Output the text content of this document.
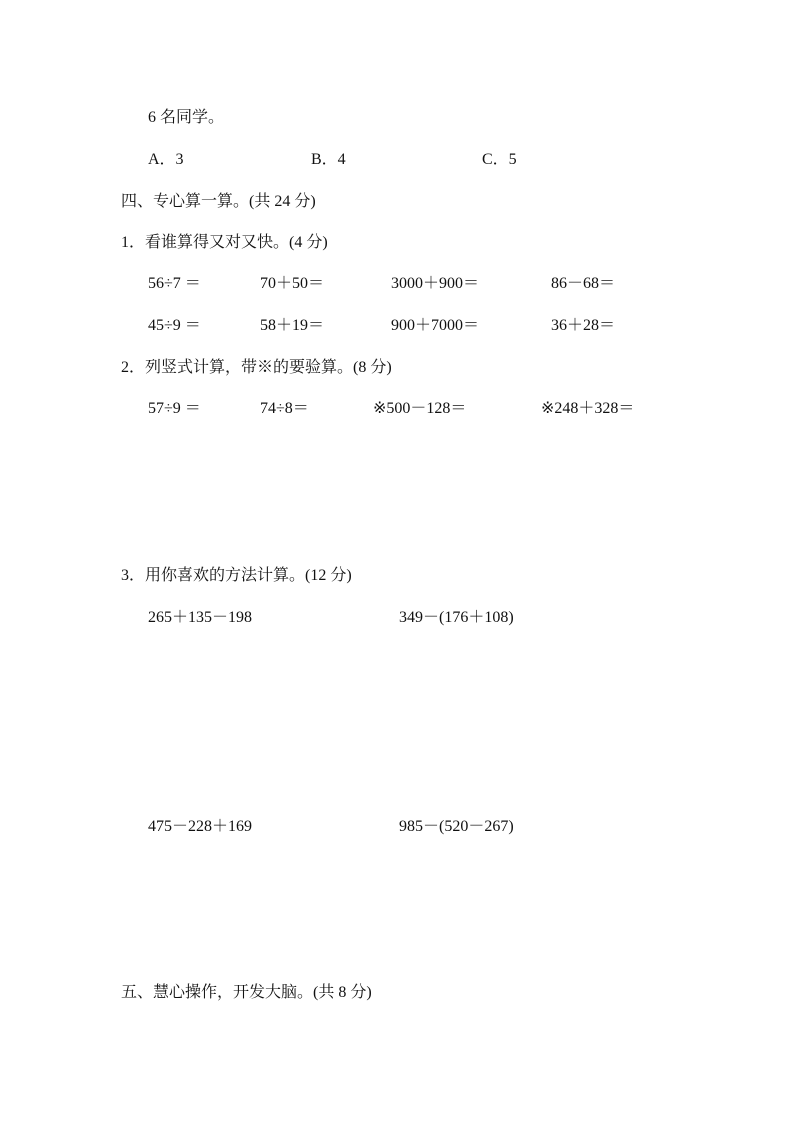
6 名同学。
A．3	B．4	C．5
四、专心算一算。(共 24 分)
1．看谁算得又对又快。(4 分)
56÷7 ＝	70＋50＝	3000＋900＝	86－68＝
45÷9 ＝	58＋19＝	900＋7000＝	36＋28＝
2．列竖式计算，带※的要验算。(8 分)
57÷9 ＝	74÷8＝	※500－128＝	※248＋328＝
3．用你喜欢的方法计算。(12 分)
265＋135－198	349－(176＋108)
475－228＋169	985－(520－267)
五、慧心操作，开发大脑。(共 8 分)
